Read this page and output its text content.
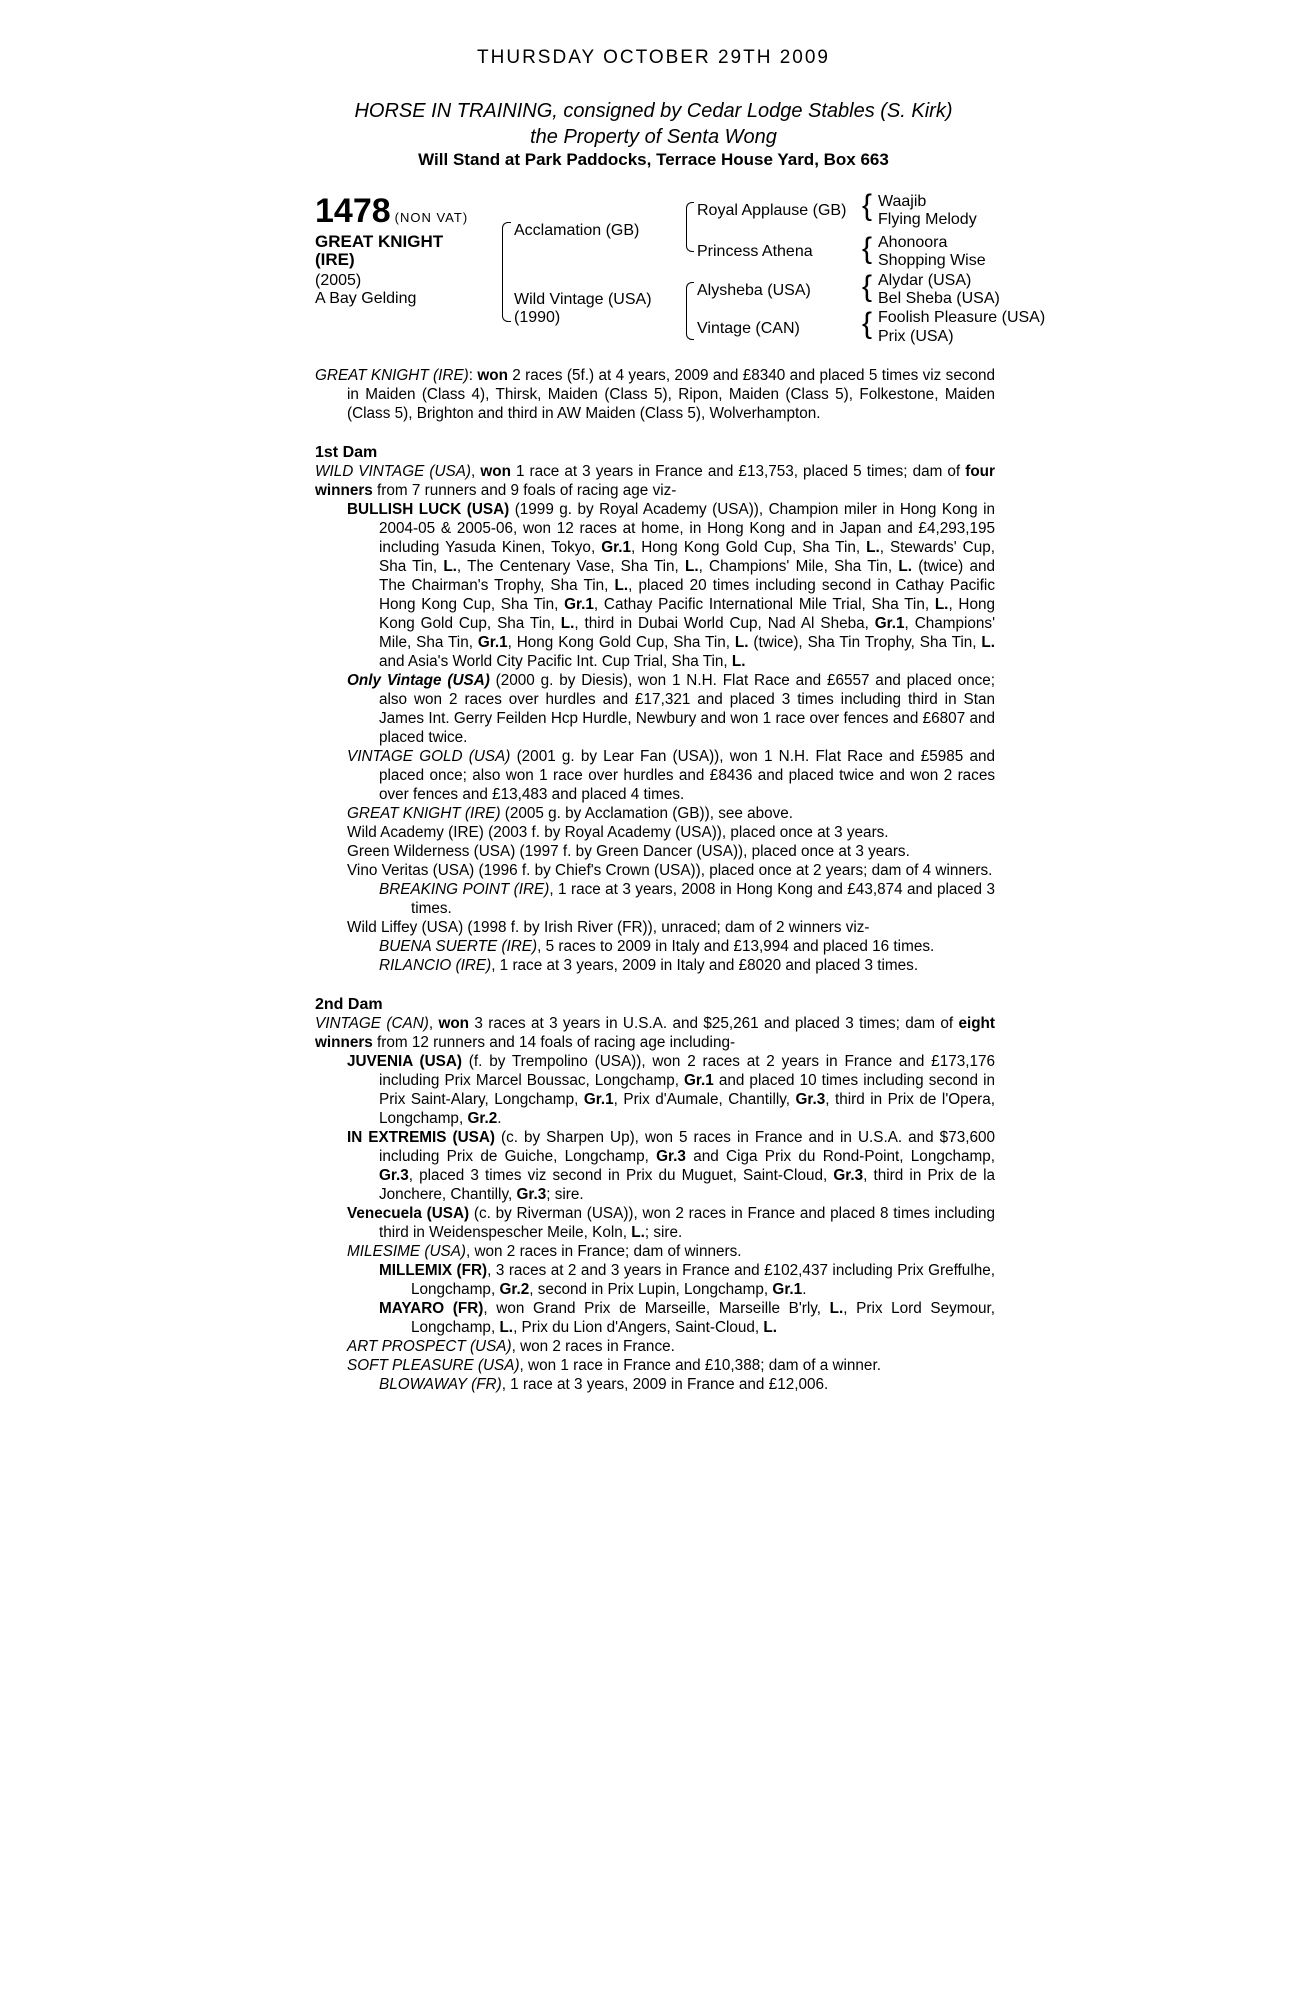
THURSDAY OCTOBER 29TH 2009
HORSE IN TRAINING, consigned by Cedar Lodge Stables (S. Kirk)
the Property of Senta Wong
Will Stand at Park Paddocks, Terrace House Yard, Box 663
1478 (NON VAT)
GREAT KNIGHT
(IRE)
(2005)
A Bay Gelding
Acclamation (GB)
Wild Vintage (USA)
(1990)
Royal Applause (GB)
Princess Athena
Alysheba (USA)
Vintage (CAN)
{ Waajib
Flying Melody
{ Ahonoora
Shopping Wise
{ Alydar (USA)
Bel Sheba (USA)
{ Foolish Pleasure (USA)
Prix (USA)

GREAT KNIGHT (IRE): won 2 races (5f.) at 4 years, 2009 and £8340 and placed 5 times viz second in Maiden (Class 4), Thirsk, Maiden (Class 5), Ripon, Maiden (Class 5), Folkestone, Maiden (Class 5), Brighton and third in AW Maiden (Class 5), Wolverhampton.

1st Dam

WILD VINTAGE (USA), won 1 race at 3 years in France and £13,753, placed 5 times; dam of four winners from 7 runners and 9 foals of racing age viz-

BULLISH LUCK (USA) (1999 g. by Royal Academy (USA)), Champion miler in Hong Kong in 2004-05 & 2005-06, won 12 races at home, in Hong Kong and in Japan and £4,293,195 including Yasuda Kinen, Tokyo, Gr.1, Hong Kong Gold Cup, Sha Tin, L., Stewards' Cup, Sha Tin, L., The Centenary Vase, Sha Tin, L., Champions' Mile, Sha Tin, L. (twice) and The Chairman's Trophy, Sha Tin, L., placed 20 times including second in Cathay Pacific Hong Kong Cup, Sha Tin, Gr.1, Cathay Pacific International Mile Trial, Sha Tin, L., Hong Kong Gold Cup, Sha Tin, L., third in Dubai World Cup, Nad Al Sheba, Gr.1, Champions' Mile, Sha Tin, Gr.1, Hong Kong Gold Cup, Sha Tin, L. (twice), Sha Tin Trophy, Sha Tin, L. and Asia's World City Pacific Int. Cup Trial, Sha Tin, L.

Only Vintage (USA) (2000 g. by Diesis), won 1 N.H. Flat Race and £6557 and placed once; also won 2 races over hurdles and £17,321 and placed 3 times including third in Stan James Int. Gerry Feilden Hcp Hurdle, Newbury and won 1 race over fences and £6807 and placed twice.

VINTAGE GOLD (USA) (2001 g. by Lear Fan (USA)), won 1 N.H. Flat Race and £5985 and placed once; also won 1 race over hurdles and £8436 and placed twice and won 2 races over fences and £13,483 and placed 4 times.

GREAT KNIGHT (IRE) (2005 g. by Acclamation (GB)), see above.

Wild Academy (IRE) (2003 f. by Royal Academy (USA)), placed once at 3 years.

Green Wilderness (USA) (1997 f. by Green Dancer (USA)), placed once at 3 years.

Vino Veritas (USA) (1996 f. by Chief's Crown (USA)), placed once at 2 years; dam of 4 winners.

BREAKING POINT (IRE), 1 race at 3 years, 2008 in Hong Kong and £43,874 and placed 3 times.

Wild Liffey (USA) (1998 f. by Irish River (FR)), unraced; dam of 2 winners viz-

BUENA SUERTE (IRE), 5 races to 2009 in Italy and £13,994 and placed 16 times.

RILANCIO (IRE), 1 race at 3 years, 2009 in Italy and £8020 and placed 3 times.

2nd Dam

VINTAGE (CAN), won 3 races at 3 years in U.S.A. and $25,261 and placed 3 times; dam of eight winners from 12 runners and 14 foals of racing age including-

JUVENIA (USA) (f. by Trempolino (USA)), won 2 races at 2 years in France and £173,176 including Prix Marcel Boussac, Longchamp, Gr.1 and placed 10 times including second in Prix Saint-Alary, Longchamp, Gr.1, Prix d'Aumale, Chantilly, Gr.3, third in Prix de l'Opera, Longchamp, Gr.2.

IN EXTREMIS (USA) (c. by Sharpen Up), won 5 races in France and in U.S.A. and $73,600 including Prix de Guiche, Longchamp, Gr.3 and Ciga Prix du Rond-Point, Longchamp, Gr.3, placed 3 times viz second in Prix du Muguet, Saint-Cloud, Gr.3, third in Prix de la Jonchere, Chantilly, Gr.3; sire.

Venecuela (USA) (c. by Riverman (USA)), won 2 races in France and placed 8 times including third in Weidenspescher Meile, Koln, L.; sire.

MILESIME (USA), won 2 races in France; dam of winners.

MILLEMIX (FR), 3 races at 2 and 3 years in France and £102,437 including Prix Greffulhe, Longchamp, Gr.2, second in Prix Lupin, Longchamp, Gr.1.

MAYARO (FR), won Grand Prix de Marseille, Marseille B'rly, L., Prix Lord Seymour, Longchamp, L., Prix du Lion d'Angers, Saint-Cloud, L.

ART PROSPECT (USA), won 2 races in France.

SOFT PLEASURE (USA), won 1 race in France and £10,388; dam of a winner.

BLOWAWAY (FR), 1 race at 3 years, 2009 in France and £12,006.
